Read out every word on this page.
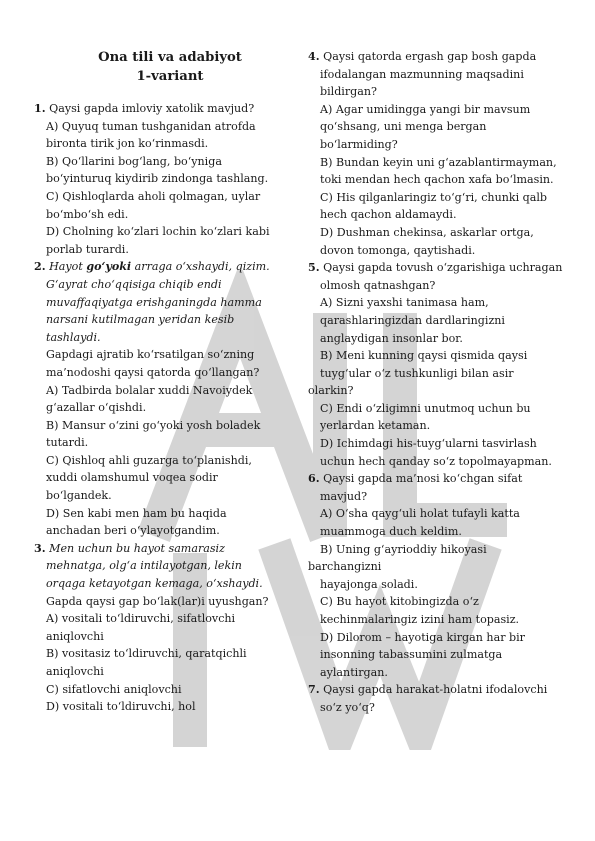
Ona tili va adabiyot
1-variant
1. Qaysi gapda imloviy xatolik mavjud?
A) Quyuq tuman tushganidan atrofda
bironta tirik jon ko‘rinmasdi.
B) Qo‘llarini bog‘lang, bo‘yniga
bo‘yinturuq kiydirib zindonga tashlang.
C) Qishloqlarda aholi qolmagan, uylar
bo‘mbo‘sh edi.
D) Cholning ko‘zlari lochin ko‘zlari kabi
porlab turardi.
2. Hayot go‘yoki arraga o‘xshaydi, qizim.
G‘ayrat cho‘qqisiga chiqib endi
muvaffaqiyatga erishganingda hamma
narsani kutilmagan yeridan kesib
tashlaydi.
Gapdagi ajratib ko‘rsatilgan so‘zning
ma’nodoshi qaysi qatorda qo‘llangan?
A) Tadbirda bolalar xuddi Navoiydek
g‘azallar o‘qishdi.
B) Mansur o‘zini go‘yoki yosh boladek
tutardi.
C) Qishloq ahli guzarga to‘planishdi,
xuddi olamshumul voqea sodir
bo‘lgandek.
D) Sen kabi men ham bu haqida
anchadan beri o‘ylayotgandim.
3. Men uchun bu hayot samarasiz
mehnatga, olg‘a intilayotgan, lekin
orqaga ketayotgan kemaga, o‘xshaydi.
Gapda qaysi gap bo‘lak(lar)i uyushgan?
A) vositali to‘ldiruvchi, sifatlovchi
aniqlovchi
B) vositasiz to‘ldiruvchi, qaratqichli
aniqlovchi
C) sifatlovchi aniqlovchi
D) vositali to‘ldiruvchi, hol
4. Qaysi qatorda ergash gap bosh gapda
ifodalangan mazmunning maqsadini
bildirgan?
A) Agar umidingga yangi bir mavsum
qo‘shsang, uni menga bergan
bo‘larmiding?
B) Bundan keyin uni g‘azablantirmayman,
toki mendan hech qachon xafa bo‘lmasin.
C) His qilganlaringiz to‘g‘ri, chunki qalb
hech qachon aldamaydi.
D) Dushman chekinsa, askarlar ortga,
dovon tomonga, qaytishadi.
5. Qaysi gapda tovush o‘zgarishiga uchragan
olmosh qatnashgan?
A) Sizni yaxshi tanimasa ham,
qarashlaringizdan dardlaringizni
anglaydigan insonlar bor.
B) Meni kunning qaysi qismida qaysi
tuyg‘ular o‘z tushkunligi bilan asir
olarkin?
C) Endi o‘zligimni unutmoq uchun bu
yerlardan ketaman.
D) Ichimdagi his-tuyg‘ularni tasvirlash
uchun hech qanday so‘z topolmayapman.
6. Qaysi gapda ma’nosi ko‘chgan sifat
mavjud?
A) O‘sha qayg‘uli holat tufayli katta
muammoga duch keldim.
B) Uning g‘ayrioddiy hikoyasi
barchangizni
hayajonga soladi.
C) Bu hayot kitobingizda o‘z
kechinmalaringiz izini ham topasiz.
D) Dilorom – hayotiga kirgan har bir
insonning tabassumini zulmatga
aylantirgan.
7. Qaysi gapda harakat-holatni ifodalovchi
so‘z yo‘q?
